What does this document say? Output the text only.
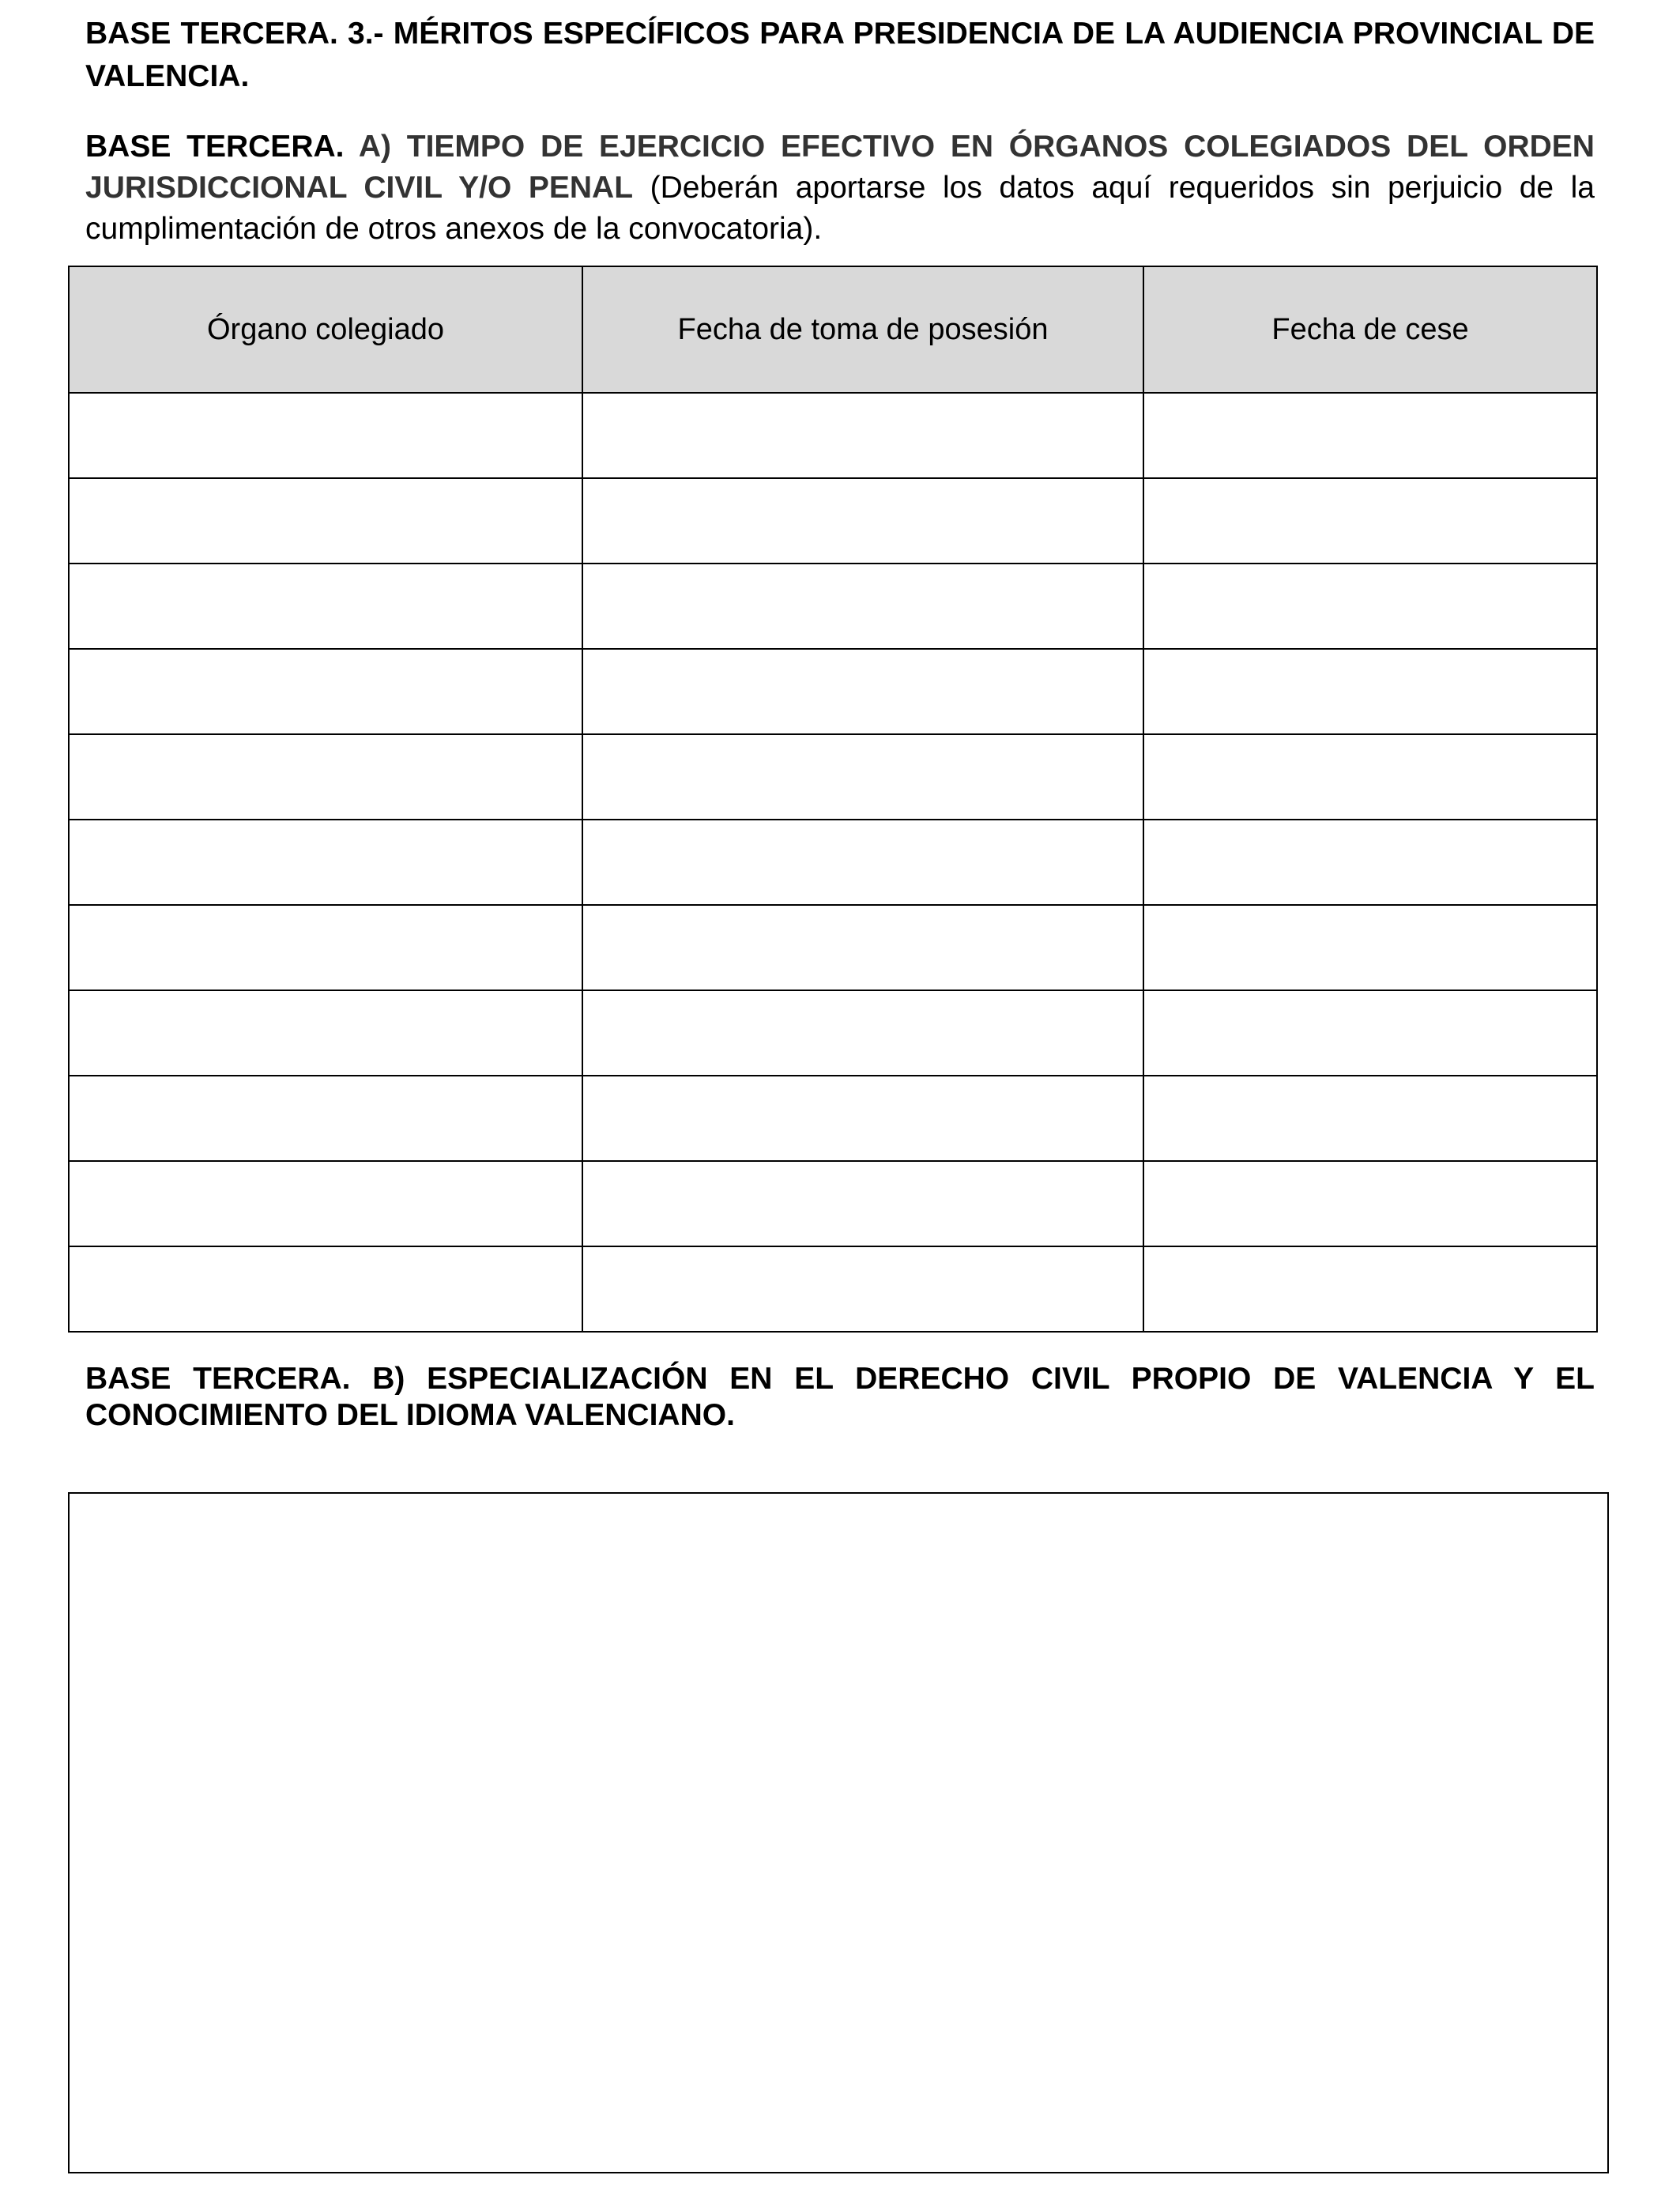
BASE TERCERA. 3.- MÉRITOS ESPECÍFICOS PARA PRESIDENCIA DE LA AUDIENCIA PROVINCIAL DE VALENCIA.

BASE TERCERA. A) TIEMPO DE EJERCICIO EFECTIVO EN ÓRGANOS COLEGIADOS DEL ORDEN JURISDICCIONAL CIVIL Y/O PENAL (Deberán aportarse los datos aquí requeridos sin perjuicio de la cumplimentación de otros anexos de la convocatoria).

Órgano colegiado	Fecha de toma de posesión	Fecha de cese

BASE TERCERA. B) ESPECIALIZACIÓN EN EL DERECHO CIVIL PROPIO DE VALENCIA Y EL CONOCIMIENTO DEL IDIOMA VALENCIANO.
